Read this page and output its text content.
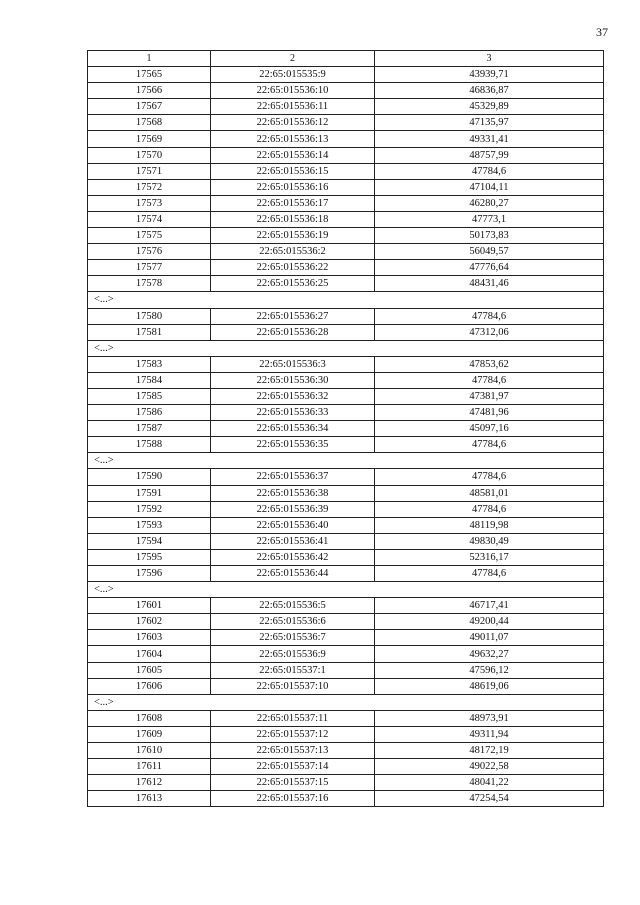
37
1	2	3
17565	22:65:015535:9	43939,71
17566	22:65:015536:10	46836,87
17567	22:65:015536:11	45329,89
17568	22:65:015536:12	47135,97
17569	22:65:015536:13	49331,41
17570	22:65:015536:14	48757,99
17571	22:65:015536:15	47784,6
17572	22:65:015536:16	47104,11
17573	22:65:015536:17	46280,27
17574	22:65:015536:18	47773,1
17575	22:65:015536:19	50173,83
17576	22:65:015536:2	56049,57
17577	22:65:015536:22	47776,64
17578	22:65:015536:25	48431,46
<...>		
17580	22:65:015536:27	47784,6
17581	22:65:015536:28	47312,06
<...>		
17583	22:65:015536:3	47853,62
17584	22:65:015536:30	47784,6
17585	22:65:015536:32	47381,97
17586	22:65:015536:33	47481,96
17587	22:65:015536:34	45097,16
17588	22:65:015536:35	47784,6
<...>		
17590	22:65:015536:37	47784,6
17591	22:65:015536:38	48581,01
17592	22:65:015536:39	47784,6
17593	22:65:015536:40	48119,98
17594	22:65:015536:41	49830,49
17595	22:65:015536:42	52316,17
17596	22:65:015536:44	47784,6
<...>		
17601	22:65:015536:5	46717,41
17602	22:65:015536:6	49200,44
17603	22:65:015536:7	49011,07
17604	22:65:015536:9	49632,27
17605	22:65:015537:1	47596,12
17606	22:65:015537:10	48619,06
<...>		
17608	22:65:015537:11	48973,91
17609	22:65:015537:12	49311,94
17610	22:65:015537:13	48172,19
17611	22:65:015537:14	49022,58
17612	22:65:015537:15	48041,22
17613	22:65:015537:16	47254,54
